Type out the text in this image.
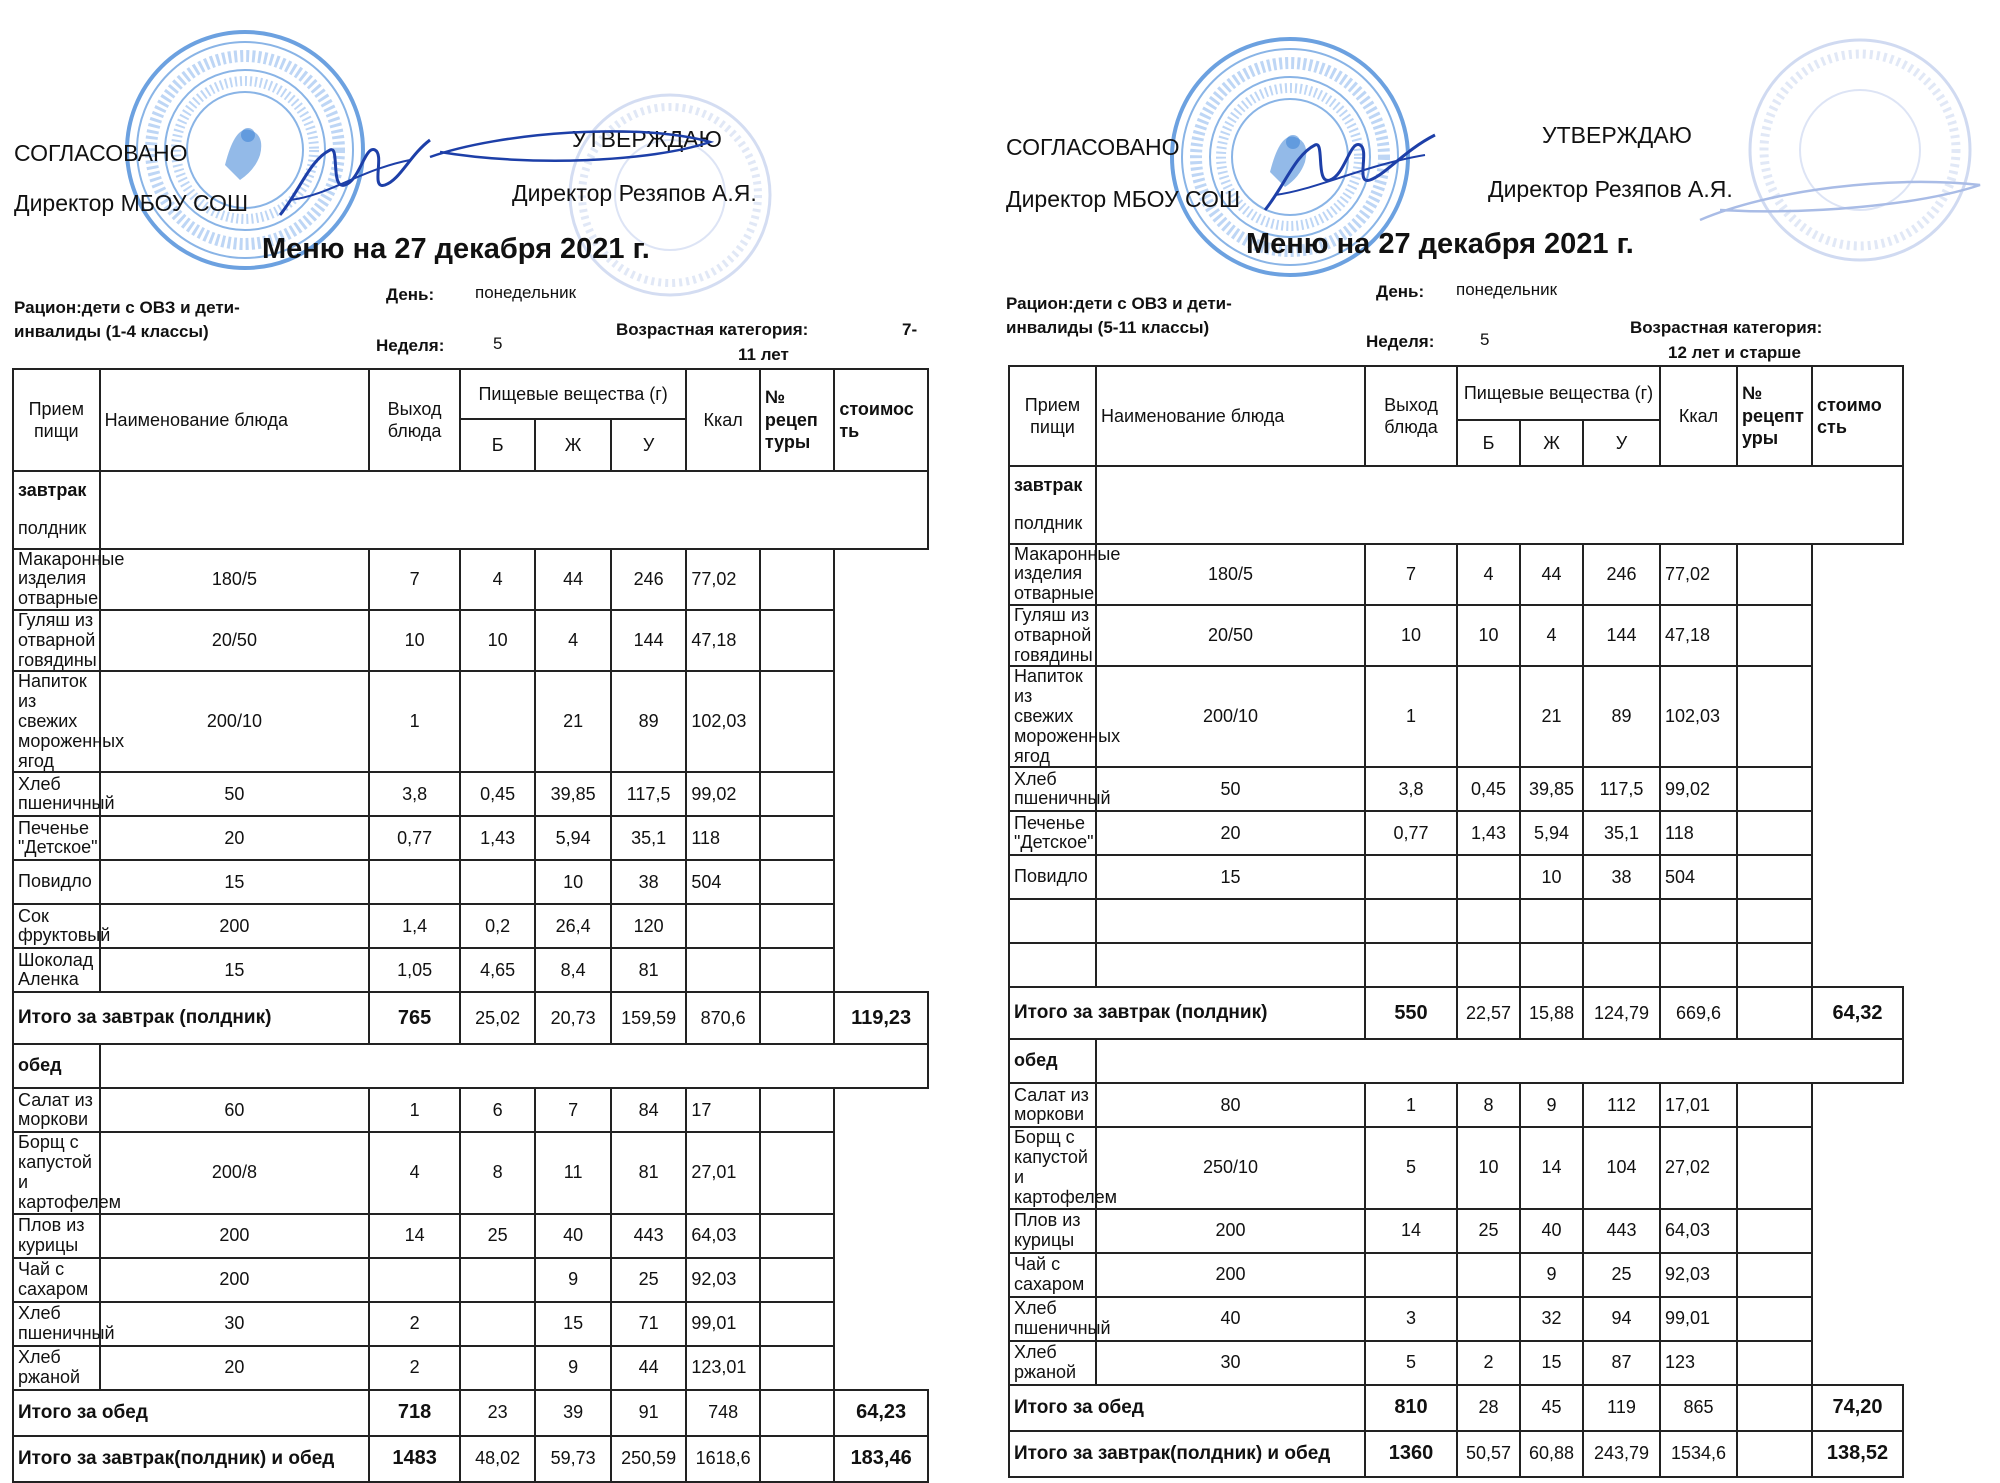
СОГЛАСОВАНО
Директор МБОУ СОШ
УТВЕРЖДАЮ
Директор Резяпов А.Я.
Меню на 27 декабря 2021 г.
Рацион:дети с ОВЗ и дети-
инвалиды (1-4 классы)
День: понедельник
Неделя:	5
Возрастная категория:	7-
11 лет
Прием пищи	Наименование блюда	Выход блюда	Пищевые вещества (г)			Ккал	№ рецеп туры	стоимос ть
			Б	Ж	У			
завтрак
полдник								
Макаронные изделия отварные	180/5	7	4	44	246	77,02		
Гуляш из отварной говядины	20/50	10	10	4	144	47,18		
Напиток из свежих мороженных ягод	200/10	1		21	89	102,03		
Хлеб пшеничный	50	3,8	0,45	39,85	117,5	99,02		
Печенье "Детское"	20	0,77	1,43	5,94	35,1	118		
Повидло	15			10	38	504		
Сок фруктовый	200	1,4	0,2	26,4	120			
Шоколад Аленка	15	1,05	4,65	8,4	81			
Итого за завтрак (полдник)		765	25,02	20,73	159,59	870,6		119,23
обед								
Салат из моркови	60	1	6	7	84	17		
Борщ с капустой и картофелем	200/8	4	8	11	81	27,01		
Плов из курицы	200	14	25	40	443	64,03		
Чай с сахаром	200			9	25	92,03		
Хлеб пшеничный	30	2		15	71	99,01		
Хлеб ржаной	20	2		9	44	123,01		
Итого за обед		718	23	39	91	748		64,23
Итого за завтрак(полдник) и обед		1483	48,02	59,73	250,59	1618,6		183,46
СОГЛАСОВАНО
Директор МБОУ СОШ
УТВЕРЖДАЮ
Директор Резяпов А.Я.
Меню на 27 декабря 2021 г.
Рацион:дети с ОВЗ и дети-
инвалиды (5-11 классы)
День: понедельник
Неделя:	5
Возрастная категория:
12 лет и старше
Прием пищи	Наименование блюда	Выход блюда	Пищевые вещества (г)			Ккал	№ рецепт уры	стоимо сть
			Б	Ж	У			
завтрак
полдник								
Макаронные изделия отварные	180/5	7	4	44	246	77,02		
Гуляш из отварной говядины	20/50	10	10	4	144	47,18		
Напиток из свежих мороженных ягод	200/10	1		21	89	102,03		
Хлеб пшеничный	50	3,8	0,45	39,85	117,5	99,02		
Печенье "Детское"	20	0,77	1,43	5,94	35,1	118		
Повидло	15			10	38	504		

Итого за завтрак (полдник)		550	22,57	15,88	124,79	669,6		64,32
обед								
Салат из моркови	80	1	8	9	112	17,01		
Борщ с капустой и картофелем	250/10	5	10	14	104	27,02		
Плов из курицы	200	14	25	40	443	64,03		
Чай с сахаром	200			9	25	92,03		
Хлеб пшеничный	40	3		32	94	99,01		
Хлеб ржаной	30	5	2	15	87	123		
Итого за обед		810	28	45	119	865		74,20
Итого за завтрак(полдник) и обед		1360	50,57	60,88	243,79	1534,6		138,52
